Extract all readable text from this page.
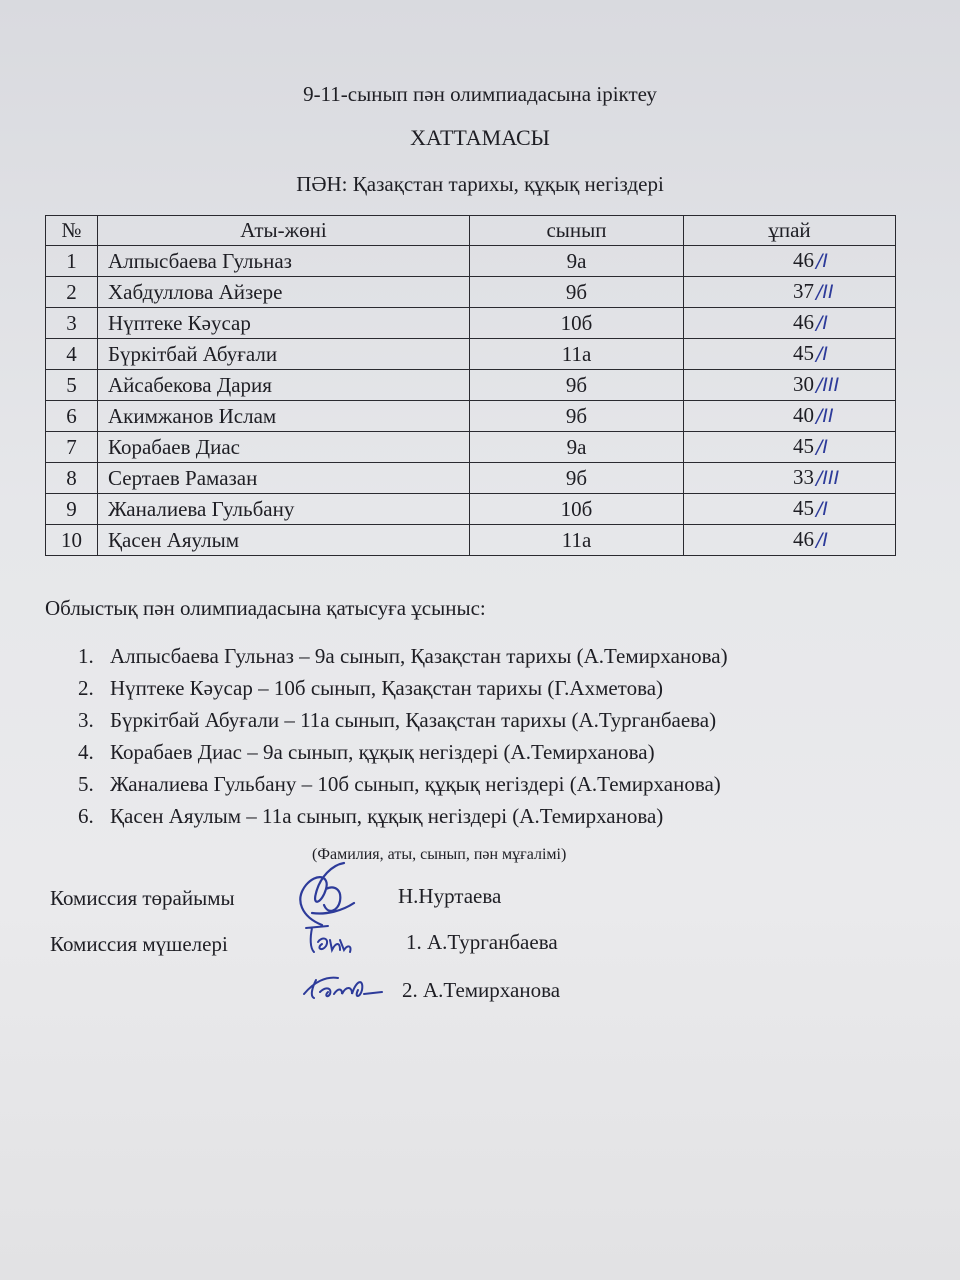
9-11-сынып пән олимпиадасына іріктеу
ХАТТАМАСЫ
ПӘН: Қазақстан тарихы, құқық негіздері
№	Аты-жөні	сынып	ұпай
1	Алпысбаева Гульназ	9а	46 /I
2	Хабдуллова Айзере	9б	37 /II
3	Нүптеке Кәусар	10б	46 /I
4	Бүркітбай Абуғали	11а	45 /I
5	Айсабекова Дария	9б	30 /III
6	Акимжанов Ислам	9б	40 /II
7	Корабаев Диас	9а	45 /I
8	Сертаев Рамазан	9б	33 /III
9	Жаналиева Гульбану	10б	45 /I
10	Қасен Аяулым	11а	46 /I
Облыстық пән олимпиадасына қатысуға ұсыныс:
1. Алпысбаева Гульназ – 9а сынып, Қазақстан тарихы (А.Темирханова)
2. Нүптеке Кәусар – 10б сынып, Қазақстан тарихы (Г.Ахметова)
3. Бүркітбай Абуғали – 11а сынып, Қазақстан тарихы (А.Турганбаева)
4. Корабаев Диас – 9а сынып, құқық негіздері (А.Темирханова)
5. Жаналиева Гульбану – 10б сынып, құқық негіздері (А.Темирханова)
6. Қасен Аяулым – 11а сынып, құқық негіздері (А.Темирханова)
(Фамилия, аты, сынып, пән мұғалімі)
Комиссия төрайымы	Н.Нуртаева
Комиссия мүшелері	1. А.Турганбаева
2. А.Темирханова
